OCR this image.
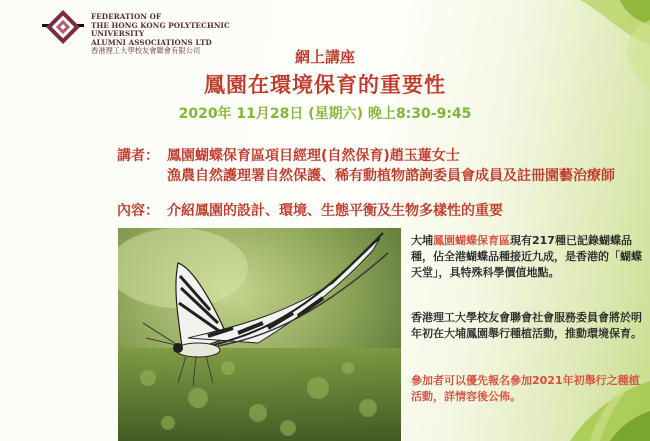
FEDERATION OF
THE HONG KONG POLYTECHNIC UNIVERSITY
ALUMNI ASSOCIATIONS LTD
香港理工大學校友會聯會有限公司	網上講座
鳳園在環境保育的重要性
2020年 11月28日 (星期六) 晚上8:30-9:45
講者： 鳳園蝴蝶保育區項目經理(自然保育)趙玉蓮女士
漁農自然護理署自然保護、稀有動植物諮詢委員會成員及註冊園藝治療師
內容： 介紹鳳園的設計、環境、生態平衡及生物多樣性的重要
大埔鳳園蝴蝶保育區現有217種已記錄蝴蝶品種，佔全港蝴蝶品種接近九成，是香港的「蝴蝶天堂」，具特殊科學價值地點。
香港理工大學校友會聯會社會服務委員會將於明年初在大埔鳳園舉行種植活動，推動環境保育。
參加者可以優先報名參加2021年初舉行之種植活動，詳情容後公佈。
